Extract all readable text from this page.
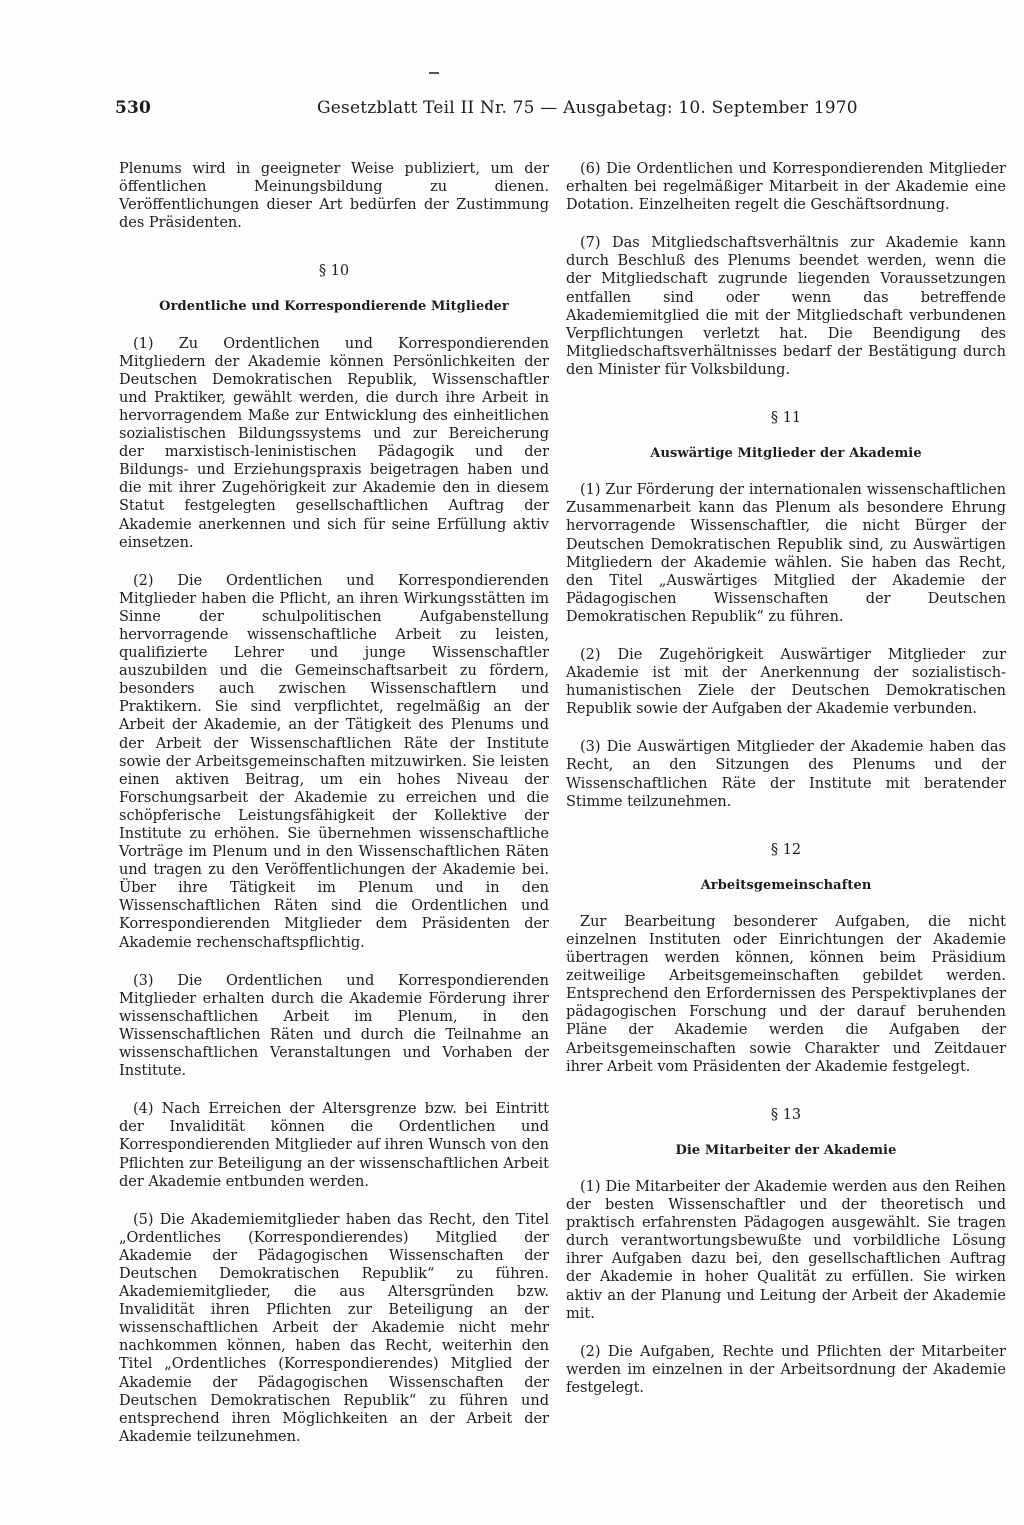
530	Gesetzblatt Teil II Nr. 75 — Ausgabetag: 10. September 1970

Plenums wird in geeigneter Weise publiziert, um der öffentlichen Meinungsbildung zu dienen. Veröffentlichungen dieser Art bedürfen der Zustimmung des Präsidenten.

§ 10
Ordentliche und Korrespondierende Mitglieder

(1) Zu Ordentlichen und Korrespondierenden Mitgliedern der Akademie können Persönlichkeiten der Deutschen Demokratischen Republik, Wissenschaftler und Praktiker, gewählt werden, die durch ihre Arbeit in hervorragendem Maße zur Entwicklung des einheitlichen sozialistischen Bildungssystems und zur Bereicherung der marxistisch-leninistischen Pädagogik und der Bildungs- und Erziehungspraxis beigetragen haben und die mit ihrer Zugehörigkeit zur Akademie den in diesem Statut festgelegten gesellschaftlichen Auftrag der Akademie anerkennen und sich für seine Erfüllung aktiv einsetzen.

(2) Die Ordentlichen und Korrespondierenden Mitglieder haben die Pflicht, an ihren Wirkungsstätten im Sinne der schulpolitischen Aufgabenstellung hervorragende wissenschaftliche Arbeit zu leisten, qualifizierte Lehrer und junge Wissenschaftler auszubilden und die Gemeinschaftsarbeit zu fördern, besonders auch zwischen Wissenschaftlern und Praktikern. Sie sind verpflichtet, regelmäßig an der Arbeit der Akademie, an der Tätigkeit des Plenums und der Arbeit der Wissenschaftlichen Räte der Institute sowie der Arbeitsgemeinschaften mitzuwirken. Sie leisten einen aktiven Beitrag, um ein hohes Niveau der Forschungsarbeit der Akademie zu erreichen und die schöpferische Leistungsfähigkeit der Kollektive der Institute zu erhöhen. Sie übernehmen wissenschaftliche Vorträge im Plenum und in den Wissenschaftlichen Räten und tragen zu den Veröffentlichungen der Akademie bei. Über ihre Tätigkeit im Plenum und in den Wissenschaftlichen Räten sind die Ordentlichen und Korrespondierenden Mitglieder dem Präsidenten der Akademie rechenschaftspflichtig.

(3) Die Ordentlichen und Korrespondierenden Mitglieder erhalten durch die Akademie Förderung ihrer wissenschaftlichen Arbeit im Plenum, in den Wissenschaftlichen Räten und durch die Teilnahme an wissenschaftlichen Veranstaltungen und Vorhaben der Institute.

(4) Nach Erreichen der Altersgrenze bzw. bei Eintritt der Invalidität können die Ordentlichen und Korrespondierenden Mitglieder auf ihren Wunsch von den Pflichten zur Beteiligung an der wissenschaftlichen Arbeit der Akademie entbunden werden.

(5) Die Akademiemitglieder haben das Recht, den Titel „Ordentliches (Korrespondierendes) Mitglied der Akademie der Pädagogischen Wissenschaften der Deutschen Demokratischen Republik“ zu führen. Akademiemitglieder, die aus Altersgründen bzw. Invalidität ihren Pflichten zur Beteiligung an der wissenschaftlichen Arbeit der Akademie nicht mehr nachkommen können, haben das Recht, weiterhin den Titel „Ordentliches (Korrespondierendes) Mitglied der Akademie der Pädagogischen Wissenschaften der Deutschen Demokratischen Republik“ zu führen und entsprechend ihren Möglichkeiten an der Arbeit der Akademie teilzunehmen.

(6) Die Ordentlichen und Korrespondierenden Mitglieder erhalten bei regelmäßiger Mitarbeit in der Akademie eine Dotation. Einzelheiten regelt die Geschäftsordnung.

(7) Das Mitgliedschaftsverhältnis zur Akademie kann durch Beschluß des Plenums beendet werden, wenn die der Mitgliedschaft zugrunde liegenden Voraussetzungen entfallen sind oder wenn das betreffende Akademiemitglied die mit der Mitgliedschaft verbundenen Verpflichtungen verletzt hat. Die Beendigung des Mitgliedschaftsverhältnisses bedarf der Bestätigung durch den Minister für Volksbildung.

§ 11
Auswärtige Mitglieder der Akademie

(1) Zur Förderung der internationalen wissenschaftlichen Zusammenarbeit kann das Plenum als besondere Ehrung hervorragende Wissenschaftler, die nicht Bürger der Deutschen Demokratischen Republik sind, zu Auswärtigen Mitgliedern der Akademie wählen. Sie haben das Recht, den Titel „Auswärtiges Mitglied der Akademie der Pädagogischen Wissenschaften der Deutschen Demokratischen Republik“ zu führen.

(2) Die Zugehörigkeit Auswärtiger Mitglieder zur Akademie ist mit der Anerkennung der sozialistisch-humanistischen Ziele der Deutschen Demokratischen Republik sowie der Aufgaben der Akademie verbunden.

(3) Die Auswärtigen Mitglieder der Akademie haben das Recht, an den Sitzungen des Plenums und der Wissenschaftlichen Räte der Institute mit beratender Stimme teilzunehmen.

§ 12
Arbeitsgemeinschaften

Zur Bearbeitung besonderer Aufgaben, die nicht einzelnen Instituten oder Einrichtungen der Akademie übertragen werden können, können beim Präsidium zeitweilige Arbeitsgemeinschaften gebildet werden. Entsprechend den Erfordernissen des Perspektivplanes der pädagogischen Forschung und der darauf beruhenden Pläne der Akademie werden die Aufgaben der Arbeitsgemeinschaften sowie Charakter und Zeitdauer ihrer Arbeit vom Präsidenten der Akademie festgelegt.

§ 13
Die Mitarbeiter der Akademie

(1) Die Mitarbeiter der Akademie werden aus den Reihen der besten Wissenschaftler und der theoretisch und praktisch erfahrensten Pädagogen ausgewählt. Sie tragen durch verantwortungsbewußte und vorbildliche Lösung ihrer Aufgaben dazu bei, den gesellschaftlichen Auftrag der Akademie in hoher Qualität zu erfüllen. Sie wirken aktiv an der Planung und Leitung der Arbeit der Akademie mit.

(2) Die Aufgaben, Rechte und Pflichten der Mitarbeiter werden im einzelnen in der Arbeitsordnung der Akademie festgelegt.
